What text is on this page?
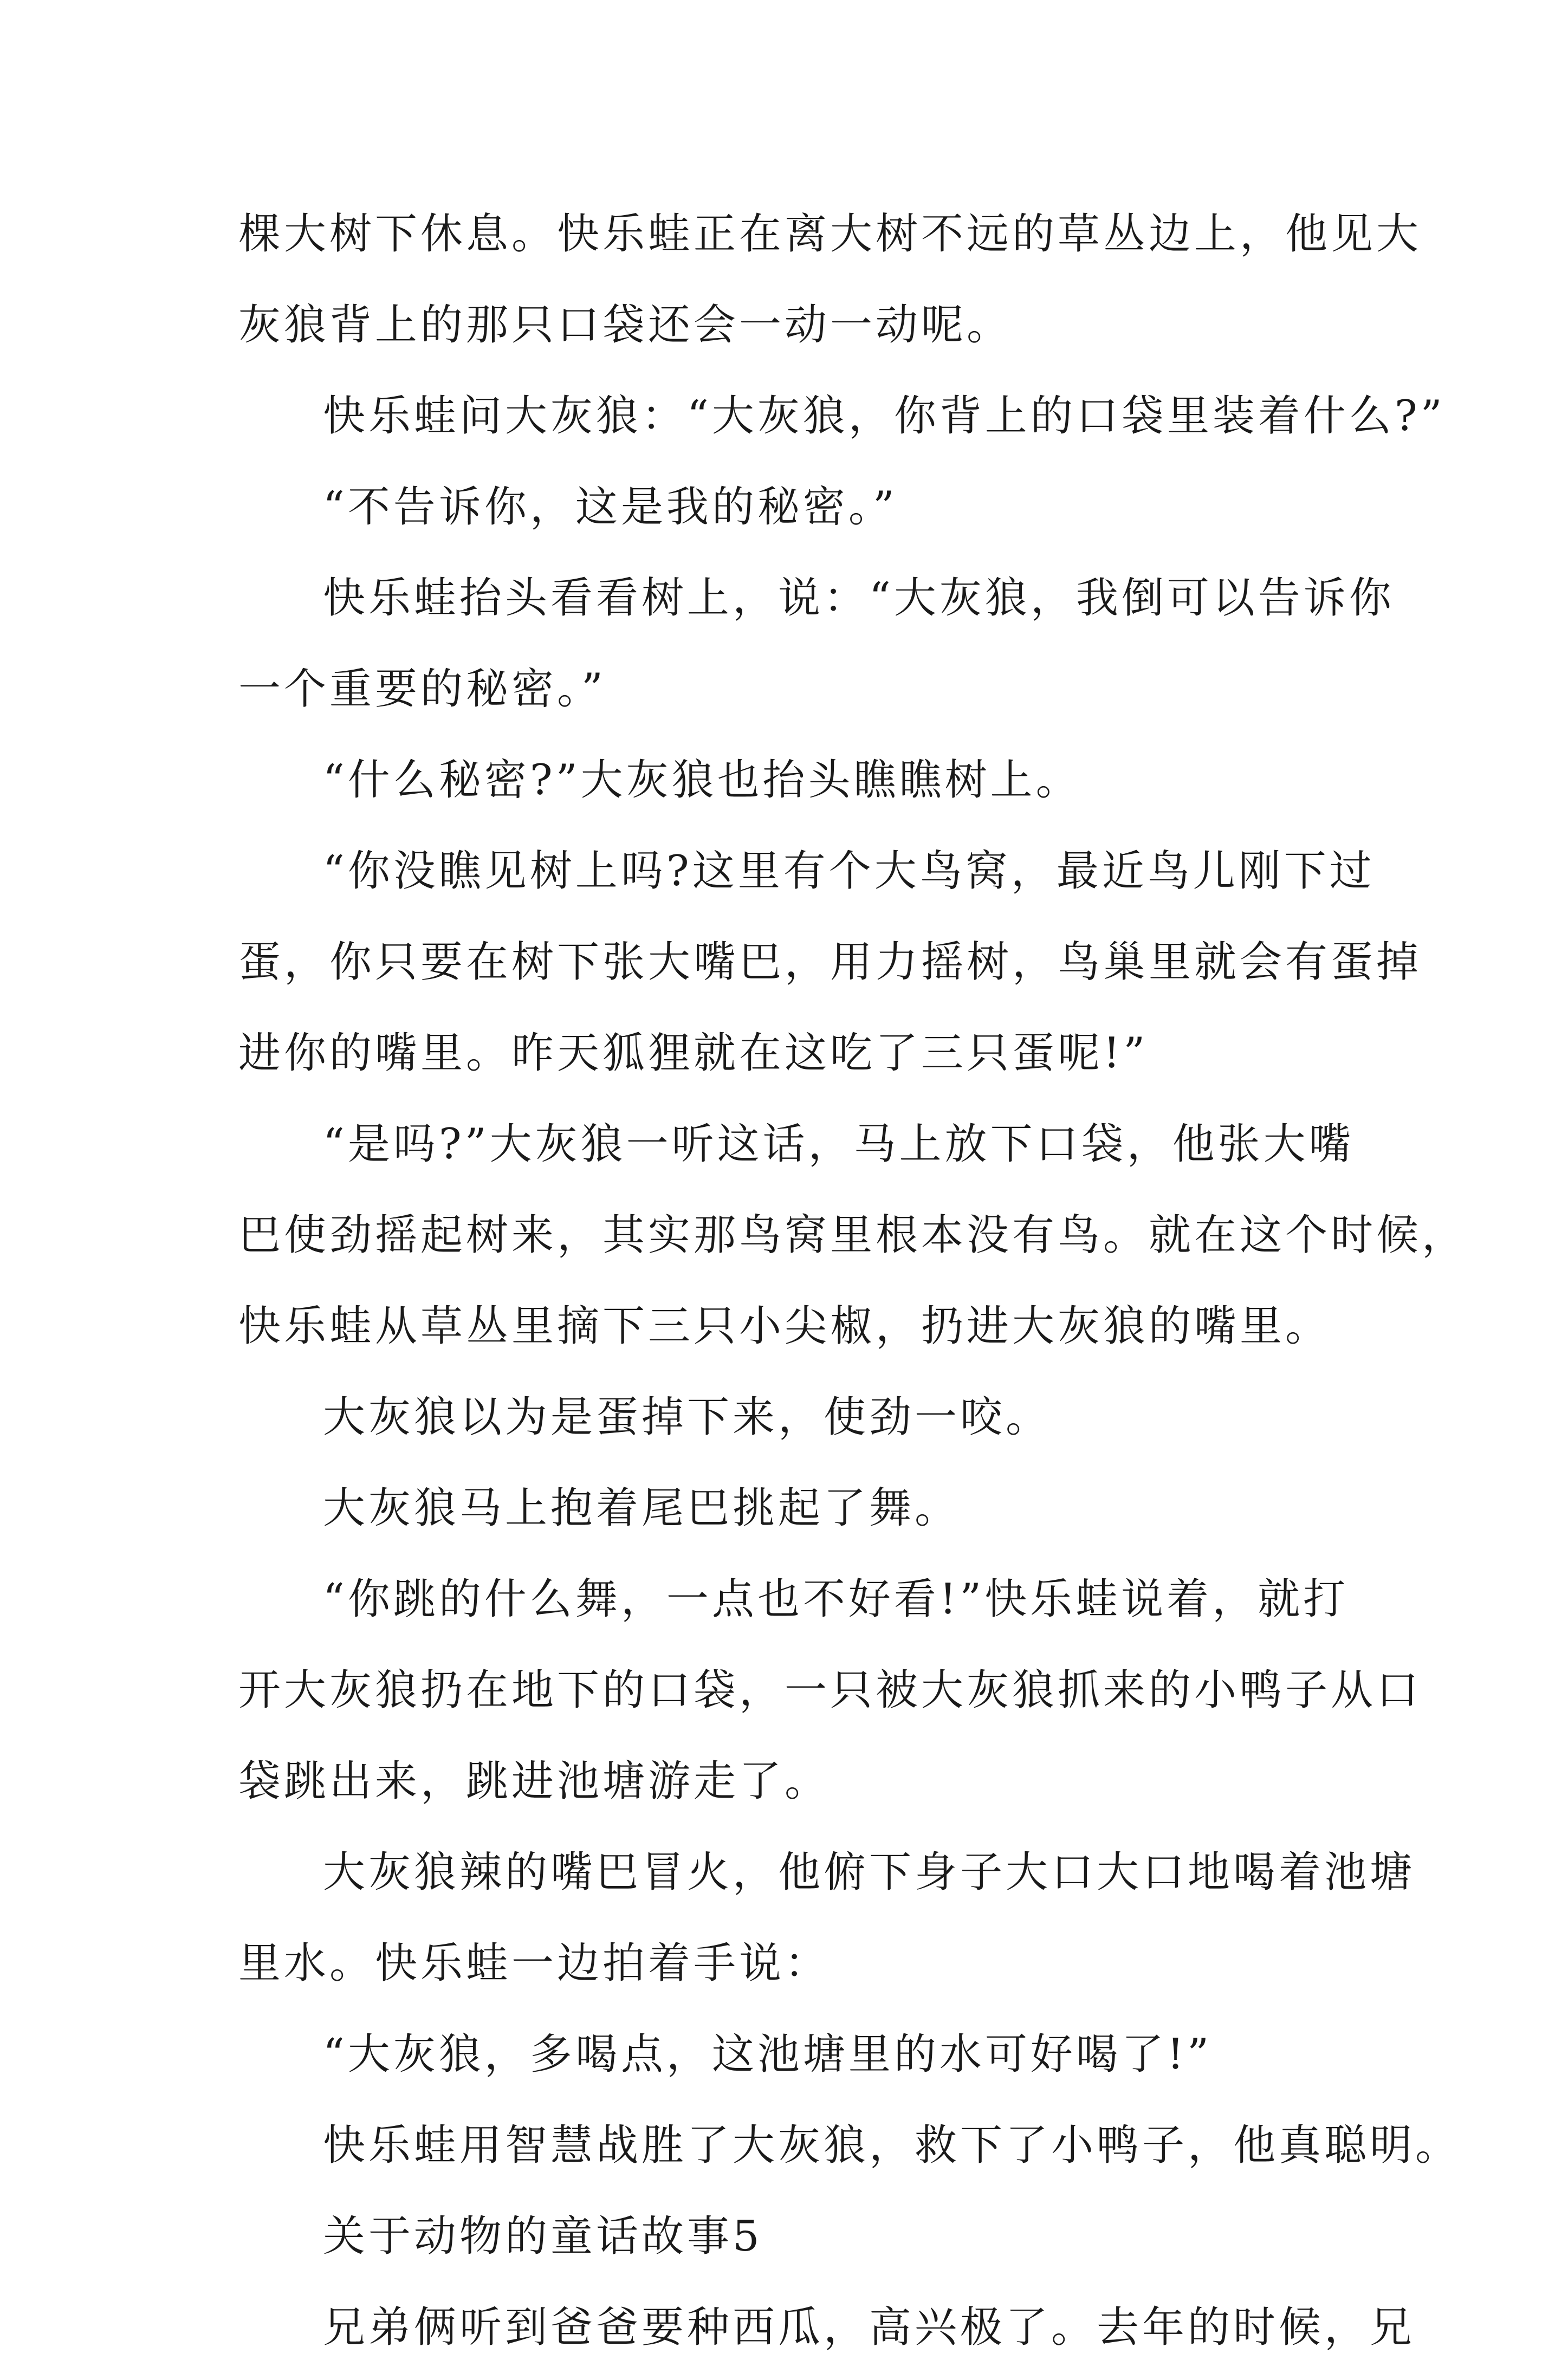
棵大树下休息。快乐蛙正在离大树不远的草丛边上，他见大
灰狼背上的那只口袋还会一动一动呢。
快乐蛙问大灰狼：“大灰狼，你背上的口袋里装着什么?”
“不告诉你，这是我的秘密。”
快乐蛙抬头看看树上，说：“大灰狼，我倒可以告诉你
一个重要的秘密。”
“什么秘密?”大灰狼也抬头瞧瞧树上。
“你没瞧见树上吗?这里有个大鸟窝，最近鸟儿刚下过
蛋，你只要在树下张大嘴巴，用力摇树，鸟巢里就会有蛋掉
进你的嘴里。昨天狐狸就在这吃了三只蛋呢!”
“是吗?”大灰狼一听这话，马上放下口袋，他张大嘴
巴使劲摇起树来，其实那鸟窝里根本没有鸟。就在这个时候，
快乐蛙从草丛里摘下三只小尖椒，扔进大灰狼的嘴里。
大灰狼以为是蛋掉下来，使劲一咬。
大灰狼马上抱着尾巴挑起了舞。
“你跳的什么舞，一点也不好看!”快乐蛙说着，就打
开大灰狼扔在地下的口袋，一只被大灰狼抓来的小鸭子从口
袋跳出来，跳进池塘游走了。
大灰狼辣的嘴巴冒火，他俯下身子大口大口地喝着池塘
里水。快乐蛙一边拍着手说：
“大灰狼，多喝点，这池塘里的水可好喝了!”
快乐蛙用智慧战胜了大灰狼，救下了小鸭子，他真聪明。
关于动物的童话故事5
兄弟俩听到爸爸要种西瓜，高兴极了。去年的时候，兄
